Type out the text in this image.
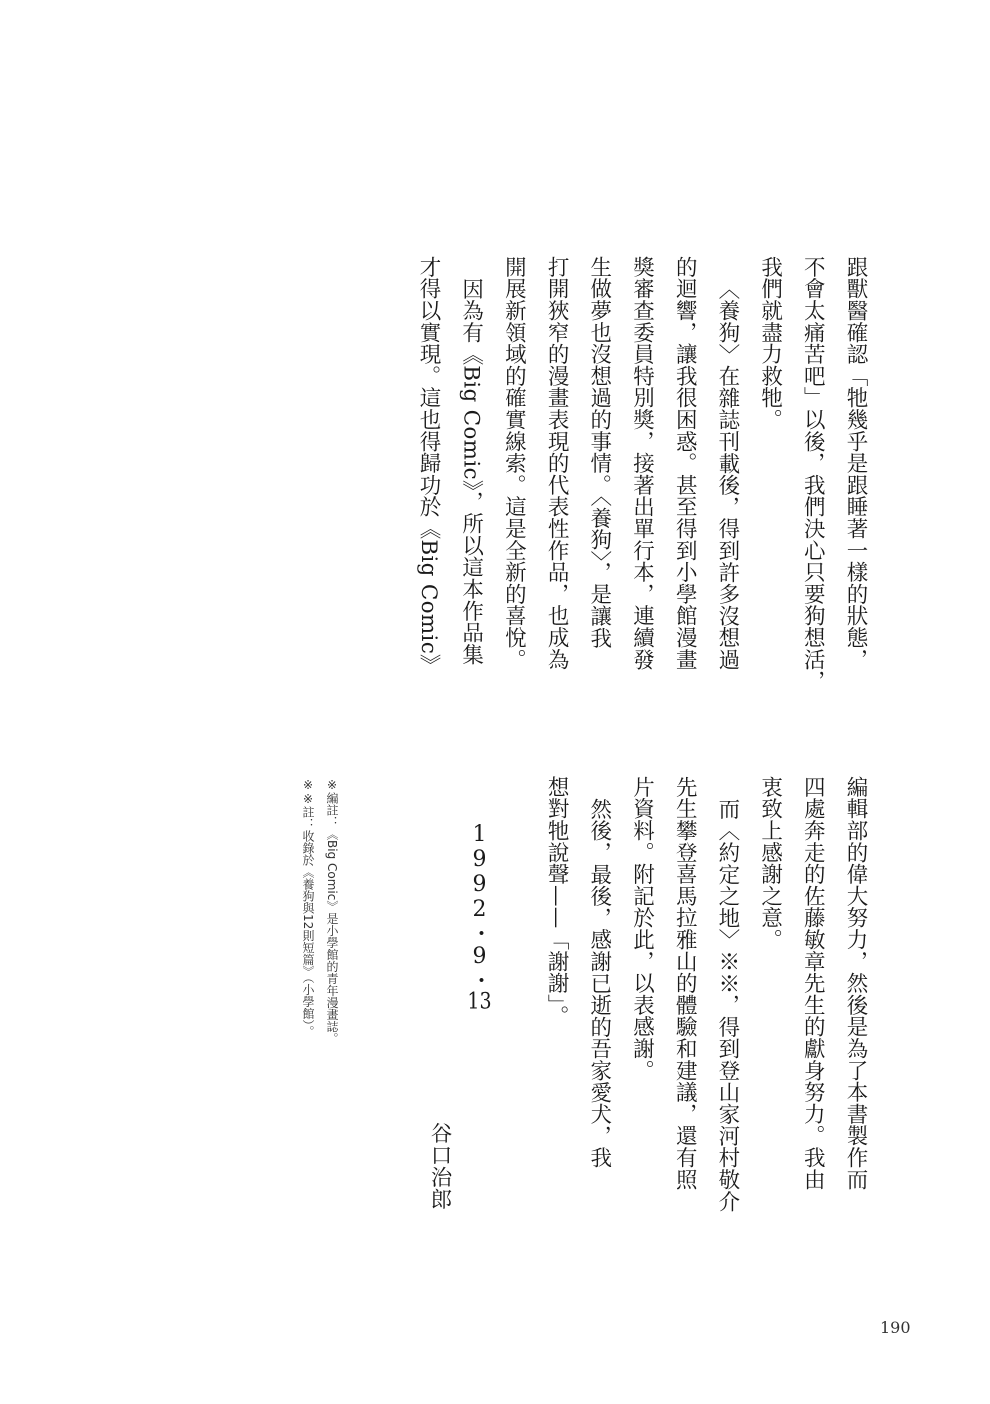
跟獸醫確認「牠幾乎是跟睡著一樣的狀態，
不會太痛苦吧」以後，我們決心只要狗想活，
我們就盡力救牠。
〈養狗〉在雜誌刊載後，得到許多沒想過
的迴響，讓我很困惑。甚至得到小學館漫畫
獎審查委員特別獎，接著出單行本，連續發
生做夢也沒想過的事情。〈養狗〉，是讓我
打開狹窄的漫畫表現的代表性作品，也成為
開展新領域的確實線索。這是全新的喜悅。
因為有《Big Comic》，所以這本作品集
才得以實現。這也得歸功於《Big Comic》
編輯部的偉大努力，然後是為了本書製作而
四處奔走的佐藤敏章先生的獻身努力。我由
衷致上感謝之意。
而〈約定之地〉※※，得到登山家河村敬介
先生攀登喜馬拉雅山的體驗和建議，還有照
片資料。附記於此，以表感謝。
然後，最後，感謝已逝的吾家愛犬，我
想對牠說聲——「謝謝」。
1992・9・13
谷口治郎
※編註：《Big Comic》是小學館的青年漫畫誌。
※※註：收錄於《養狗與12則短篇》（小學館）。
190
